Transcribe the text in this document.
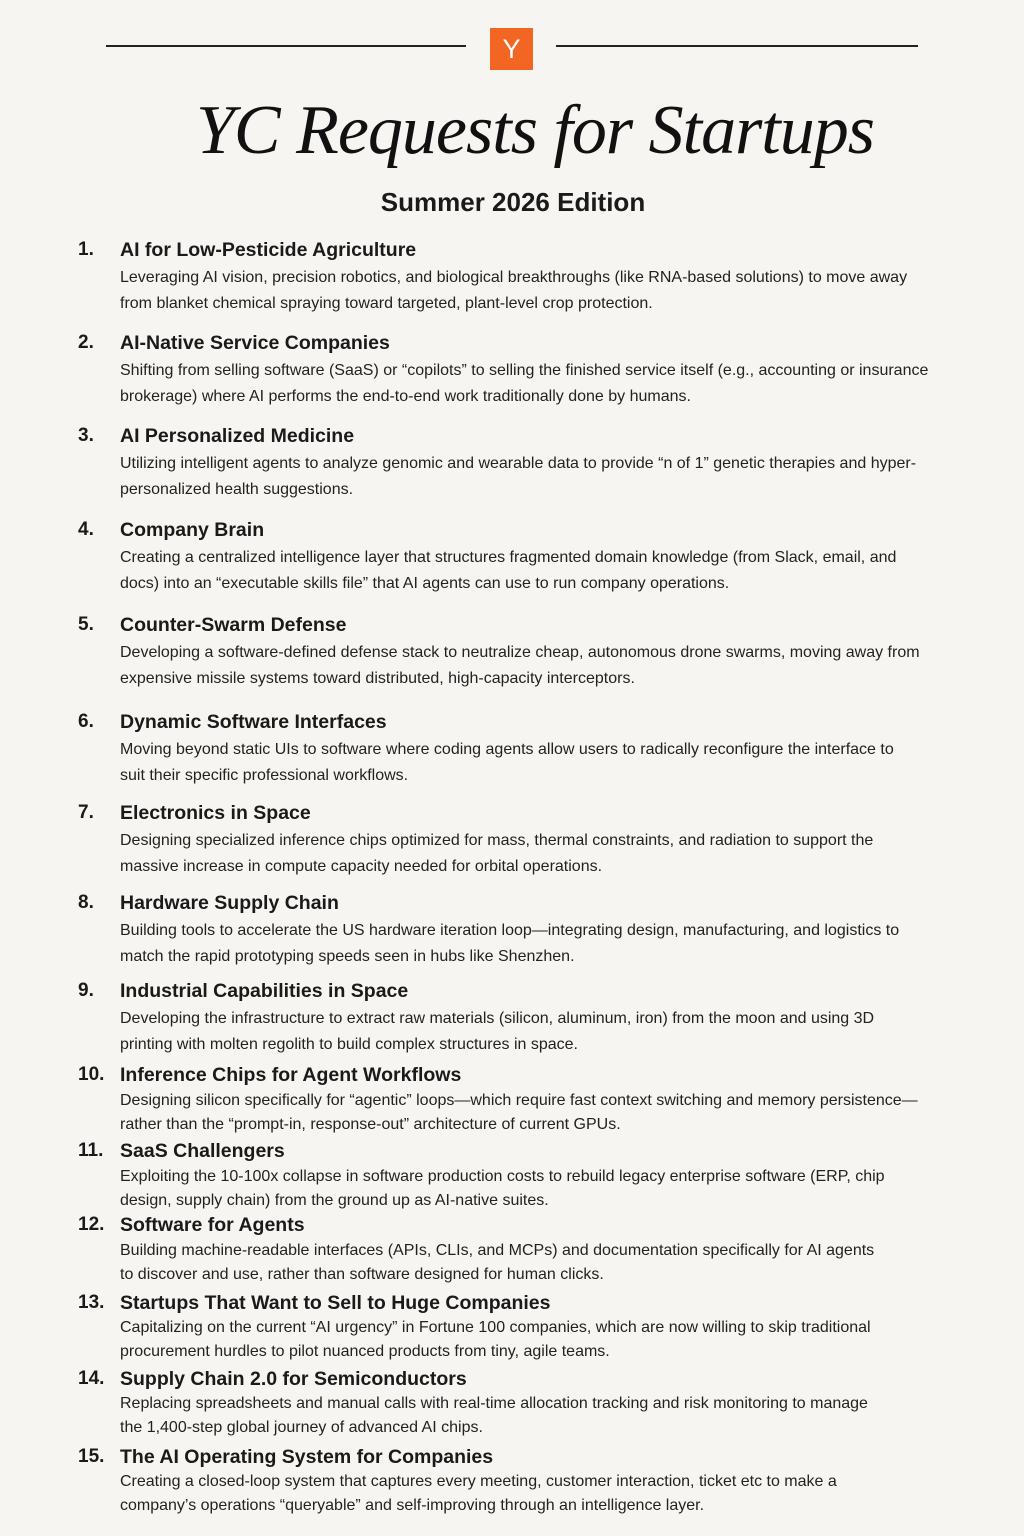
Y
YC Requests for Startups
Summer 2026 Edition
1. AI for Low-Pesticide Agriculture
Leveraging AI vision, precision robotics, and biological breakthroughs (like RNA-based solutions) to move away from blanket chemical spraying toward targeted, plant-level crop protection.
2. AI-Native Service Companies
Shifting from selling software (SaaS) or “copilots” to selling the finished service itself (e.g., accounting or insurance brokerage) where AI performs the end-to-end work traditionally done by humans.
3. AI Personalized Medicine
Utilizing intelligent agents to analyze genomic and wearable data to provide “n of 1” genetic therapies and hyper-personalized health suggestions.
4. Company Brain
Creating a centralized intelligence layer that structures fragmented domain knowledge (from Slack, email, and docs) into an “executable skills file” that AI agents can use to run company operations.
5. Counter-Swarm Defense
Developing a software-defined defense stack to neutralize cheap, autonomous drone swarms, moving away from expensive missile systems toward distributed, high-capacity interceptors.
6. Dynamic Software Interfaces
Moving beyond static UIs to software where coding agents allow users to radically reconfigure the interface to suit their specific professional workflows.
7. Electronics in Space
Designing specialized inference chips optimized for mass, thermal constraints, and radiation to support the massive increase in compute capacity needed for orbital operations.
8. Hardware Supply Chain
Building tools to accelerate the US hardware iteration loop—integrating design, manufacturing, and logistics to match the rapid prototyping speeds seen in hubs like Shenzhen.
9. Industrial Capabilities in Space
Developing the infrastructure to extract raw materials (silicon, aluminum, iron) from the moon and using 3D printing with molten regolith to build complex structures in space.
10. Inference Chips for Agent Workflows
Designing silicon specifically for “agentic” loops—which require fast context switching and memory persistence—rather than the “prompt-in, response-out” architecture of current GPUs.
11. SaaS Challengers
Exploiting the 10-100x collapse in software production costs to rebuild legacy enterprise software (ERP, chip design, supply chain) from the ground up as AI-native suites.
12. Software for Agents
Building machine-readable interfaces (APIs, CLIs, and MCPs) and documentation specifically for AI agents to discover and use, rather than software designed for human clicks.
13. Startups That Want to Sell to Huge Companies
Capitalizing on the current “AI urgency” in Fortune 100 companies, which are now willing to skip traditional procurement hurdles to pilot nuanced products from tiny, agile teams.
14. Supply Chain 2.0 for Semiconductors
Replacing spreadsheets and manual calls with real-time allocation tracking and risk monitoring to manage the 1,400-step global journey of advanced AI chips.
15. The AI Operating System for Companies
Creating a closed-loop system that captures every meeting, customer interaction, ticket etc to make a company’s operations “queryable” and self-improving through an intelligence layer.
